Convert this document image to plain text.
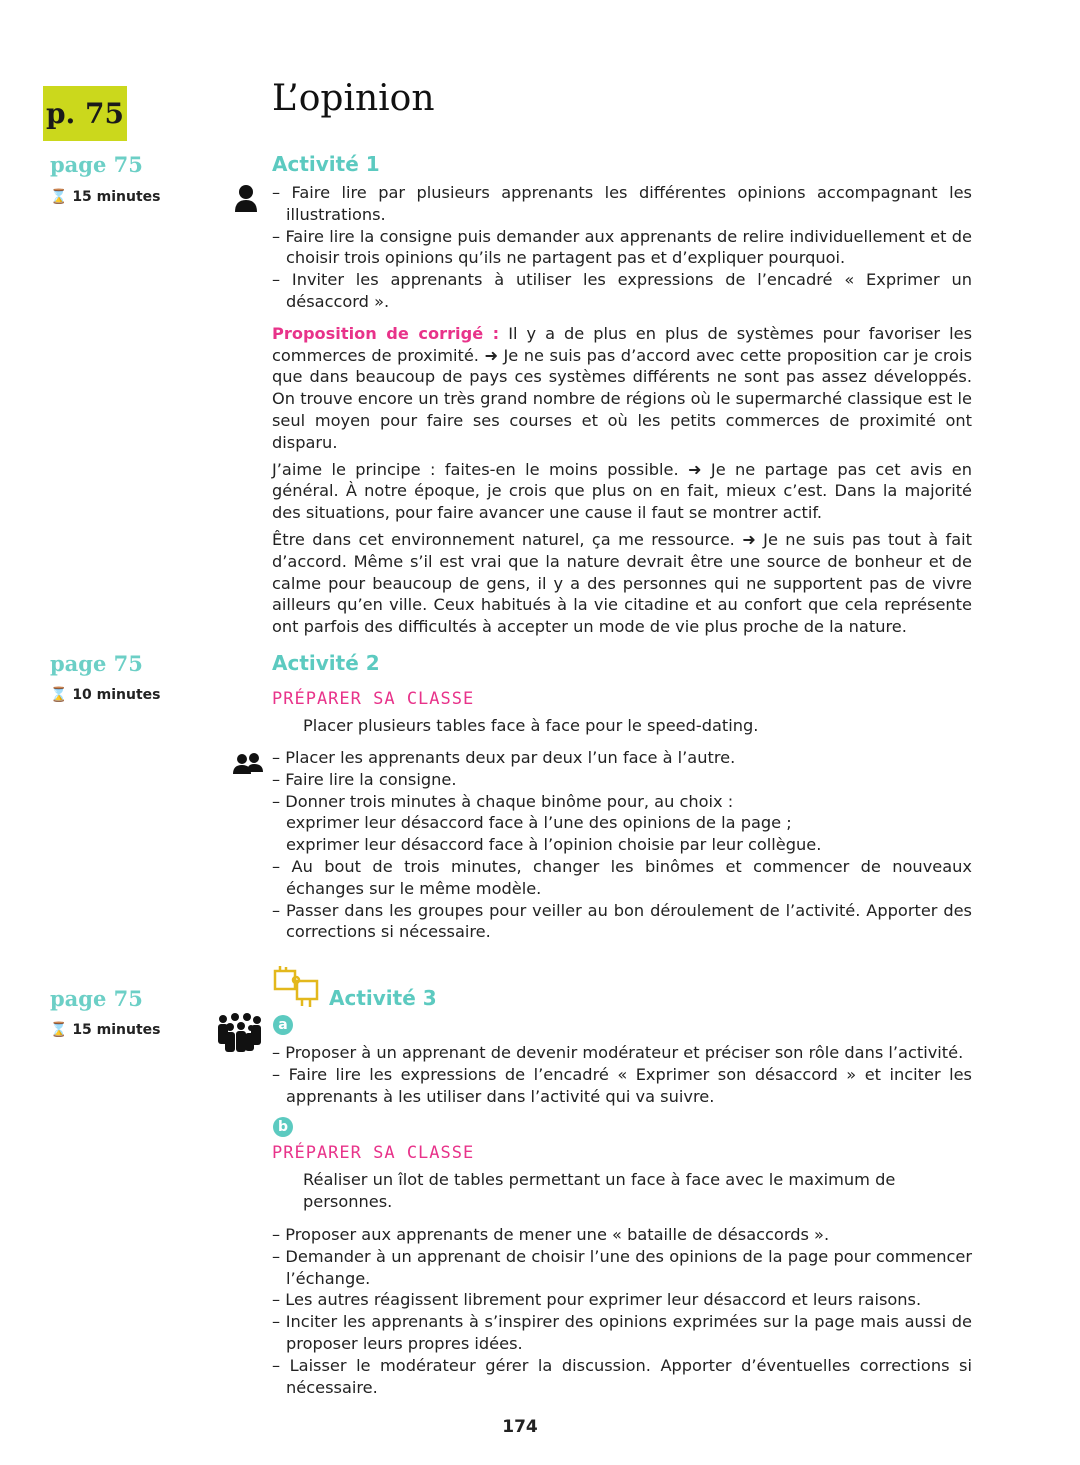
p. 75	L’opinion
page 75
⌛ 15 minutes
Activité 1
– Faire lire par plusieurs apprenants les différentes opinions accompagnant les illustrations.
– Faire lire la consigne puis demander aux apprenants de relire individuellement et de choisir trois opinions qu’ils ne partagent pas et d’expliquer pourquoi.
– Inviter les apprenants à utiliser les expressions de l’encadré « Exprimer un désaccord ».

Proposition de corrigé : Il y a de plus en plus de systèmes pour favoriser les commerces de proximité. ➜ Je ne suis pas d’accord avec cette proposition car je crois que dans beaucoup de pays ces systèmes différents ne sont pas assez développés. On trouve encore un très grand nombre de régions où le supermarché classique est le seul moyen pour faire ses courses et où les petits commerces de proximité ont disparu.

J’aime le principe : faites-en le moins possible. ➜ Je ne partage pas cet avis en général. À notre époque, je crois que plus on en fait, mieux c’est. Dans la majorité des situations, pour faire avancer une cause il faut se montrer actif.

Être dans cet environnement naturel, ça me ressource. ➜ Je ne suis pas tout à fait d’accord. Même s’il est vrai que la nature devrait être une source de bonheur et de calme pour beaucoup de gens, il y a des personnes qui ne supportent pas de vivre ailleurs qu’en ville. Ceux habitués à la vie citadine et au confort que cela représente ont parfois des difficultés à accepter un mode de vie plus proche de la nature.

page 75
⌛ 10 minutes
Activité 2
PRÉPARER SA CLASSE
Placer plusieurs tables face à face pour le speed-dating.
– Placer les apprenants deux par deux l’un face à l’autre.
– Faire lire la consigne.
– Donner trois minutes à chaque binôme pour, au choix :
exprimer leur désaccord face à l’une des opinions de la page ;
exprimer leur désaccord face à l’opinion choisie par leur collègue.
– Au bout de trois minutes, changer les binômes et commencer de nouveaux échanges sur le même modèle.
– Passer dans les groupes pour veiller au bon déroulement de l’activité. Apporter des corrections si nécessaire.
page 75
⌛ 15 minutes
Activité 3
a
– Proposer à un apprenant de devenir modérateur et préciser son rôle dans l’activité.
– Faire lire les expressions de l’encadré « Exprimer son désaccord » et inciter les apprenants à les utiliser dans l’activité qui va suivre.
b
PRÉPARER SA CLASSE
Réaliser un îlot de tables permettant un face à face avec le maximum de personnes.
– Proposer aux apprenants de mener une « bataille de désaccords ».
– Demander à un apprenant de choisir l’une des opinions de la page pour commencer l’échange.
– Les autres réagissent librement pour exprimer leur désaccord et leurs raisons.
– Inciter les apprenants à s’inspirer des opinions exprimées sur la page mais aussi de proposer leurs propres idées.
– Laisser le modérateur gérer la discussion. Apporter d’éventuelles corrections si nécessaire.
174
